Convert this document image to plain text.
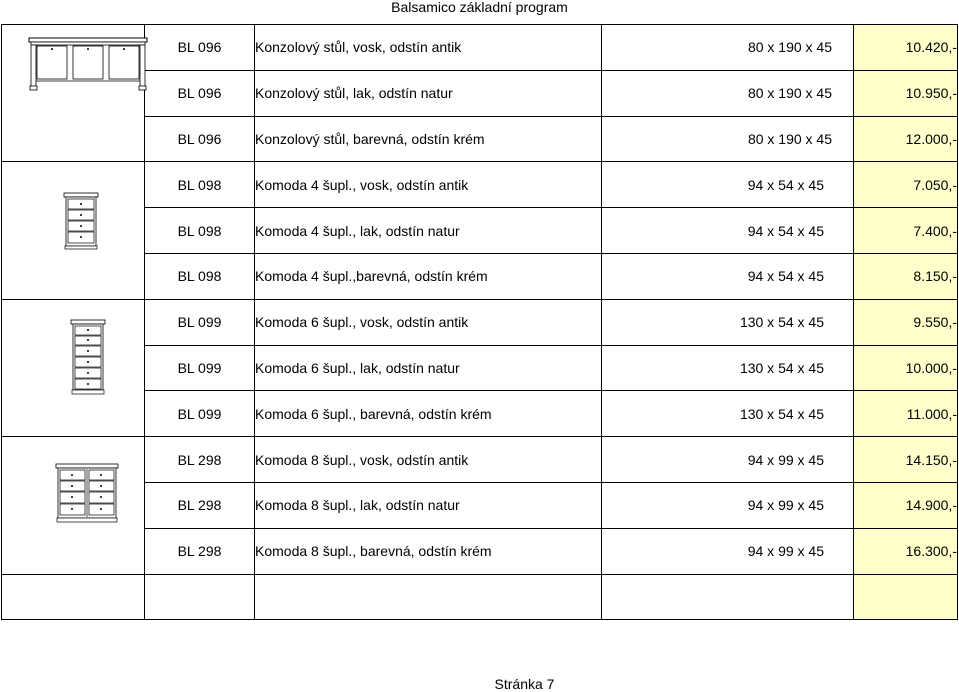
Balsamico základní program
	BL 096	Konzolový stůl, vosk, odstín antik	80 x 190 x 45	10.420,-

	BL 096	Konzolový stůl, lak, odstín natur	80 x 190 x 45	10.950,-
	BL 096	Konzolový stůl, barevná, odstín krém	80 x 190 x 45	12.000,-
	BL 098	Komoda 4 šupl., vosk, odstín antik	94 x 54 x 45	7.050,-

	BL 098	Komoda 4 šupl., lak, odstín natur	94 x 54 x 45	7.400,-
	BL 098	Komoda 4 šupl.,barevná, odstín krém	94 x 54 x 45	8.150,-
	BL 099	Komoda 6 šupl., vosk, odstín antik	130 x 54 x 45	9.550,-

	BL 099	Komoda 6 šupl., lak, odstín natur	130 x 54 x 45	10.000,-
	BL 099	Komoda 6 šupl., barevná, odstín krém	130 x 54 x 45	11.000,-
	BL 298	Komoda 8 šupl., vosk, odstín antik	94 x 99 x 45	14.150,-

	BL 298	Komoda 8 šupl., lak, odstín natur	94 x 99 x 45	14.900,-
	BL 298	Komoda 8 šupl., barevná, odstín krém	94 x 99 x 45	16.300,-

Stránka 7
